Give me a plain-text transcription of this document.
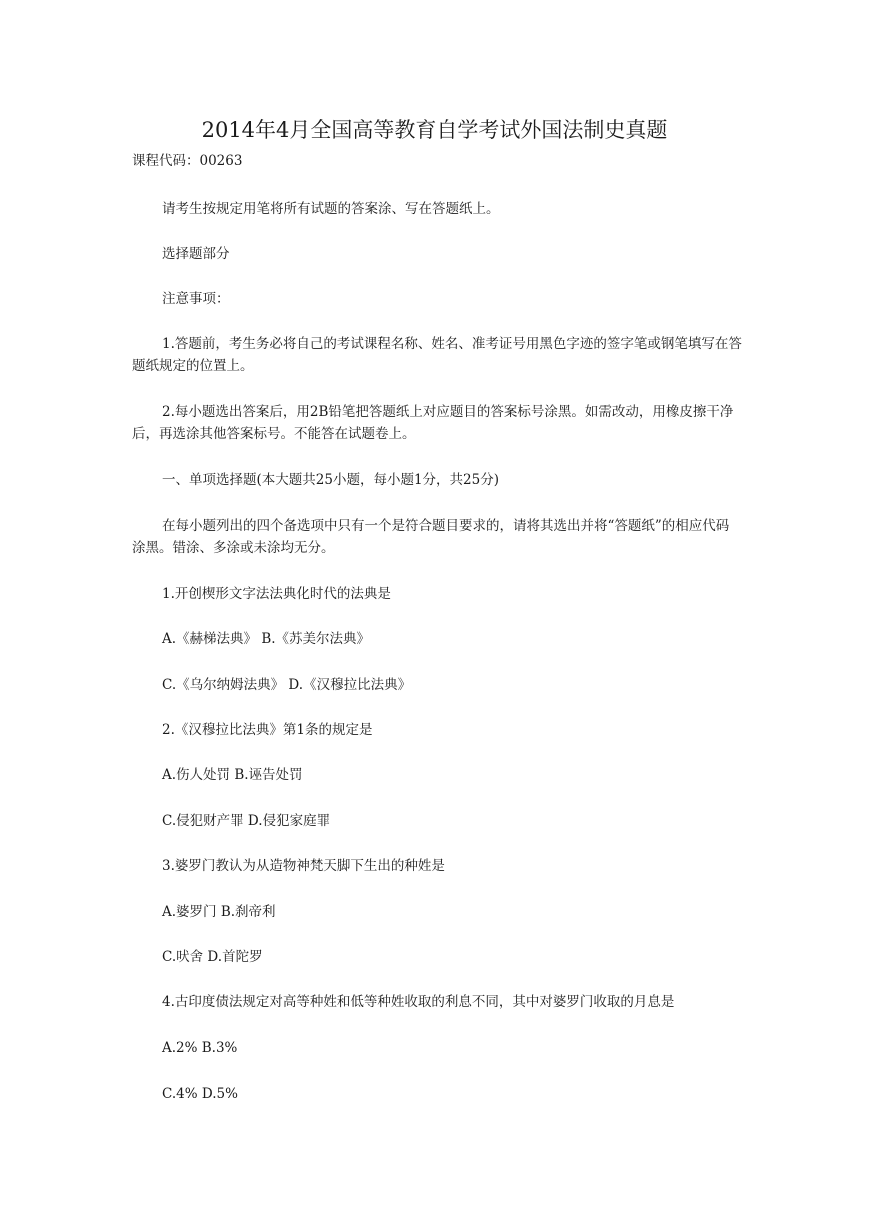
2014年4月全国高等教育自学考试外国法制史真题
课程代码：00263

请考生按规定用笔将所有试题的答案涂、写在答题纸上。

选择题部分

注意事项：

1.答题前，考生务必将自己的考试课程名称、姓名、准考证号用黑色字迹的签字笔或钢笔填写在答题纸规定的位置上。

2.每小题选出答案后，用2B铅笔把答题纸上对应题目的答案标号涂黑。如需改动，用橡皮擦干净后，再选涂其他答案标号。不能答在试题卷上。

一、单项选择题(本大题共25小题，每小题1分，共25分)

在每小题列出的四个备选项中只有一个是符合题目要求的，请将其选出并将“答题纸”的相应代码涂黑。错涂、多涂或未涂均无分。

1.开创楔形文字法法典化时代的法典是

A.《赫梯法典》 B.《苏美尔法典》

C.《乌尔纳姆法典》 D.《汉穆拉比法典》

2.《汉穆拉比法典》第1条的规定是

A.伤人处罚 B.诬告处罚

C.侵犯财产罪 D.侵犯家庭罪

3.婆罗门教认为从造物神梵天脚下生出的种姓是

A.婆罗门 B.刹帝利

C.吠舍 D.首陀罗

4.古印度债法规定对高等种姓和低等种姓收取的利息不同，其中对婆罗门收取的月息是

A.2% B.3%

C.4% D.5%
